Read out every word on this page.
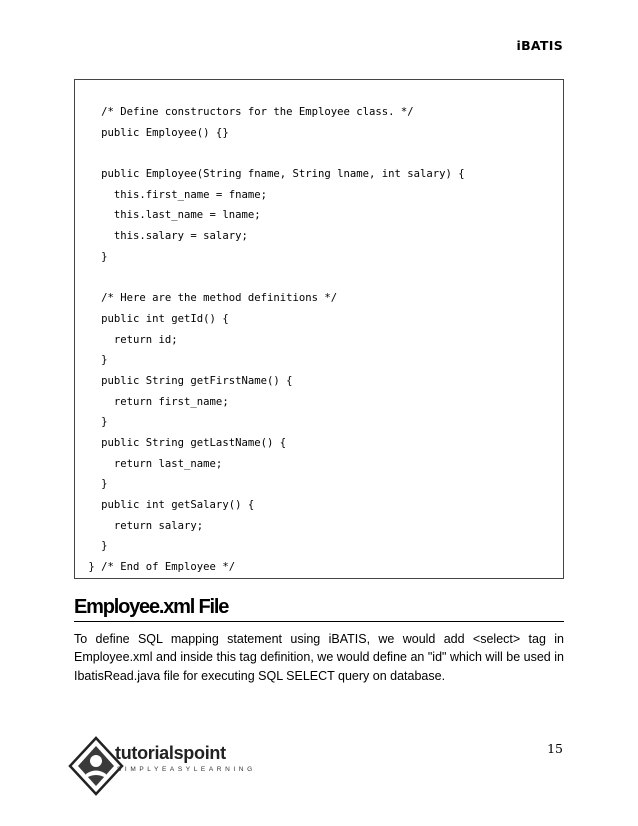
iBATIS
/* Define constructors for the Employee class. */
public Employee() {}
public Employee(String fname, String lname, int salary) {
this.first_name = fname;
this.last_name = lname;
this.salary = salary;
}
/* Here are the method definitions */
public int getId() {
return id;
}
public String getFirstName() {
return first_name;
}
public String getLastName() {
return last_name;
}
public int getSalary() {
return salary;
}
} /* End of Employee */
Employee.xml File

To define SQL mapping statement using iBATIS, we would add <select> tag in Employee.xml and inside this tag definition, we would define an "id" which will be used in IbatisRead.java file for executing SQL SELECT query on database.

15
tutorialspoint
SIMPLYEASYLEARNING
